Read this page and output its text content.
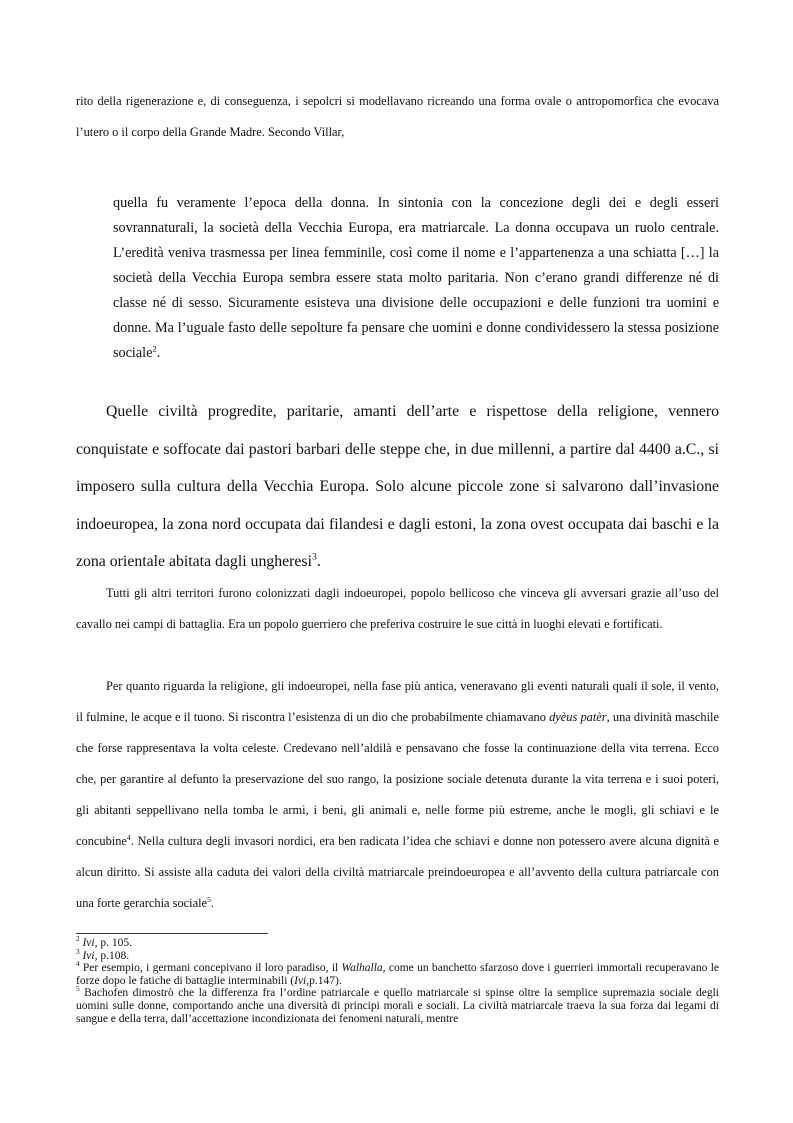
rito della rigenerazione e, di conseguenza, i sepolcri si modellavano ricreando una forma ovale o antropomorfica che evocava l’utero o il corpo della Grande Madre. Secondo Villar,

quella fu veramente l’epoca della donna. In sintonia con la concezione degli dei e degli esseri sovrannaturali, la società della Vecchia Europa, era matriarcale. La donna occupava un ruolo centrale. L’eredità veniva trasmessa per linea femminile, così come il nome e l’appartenenza a una schiatta […] la società della Vecchia Europa sembra essere stata molto paritaria. Non c’erano grandi differenze né di classe né di sesso. Sicuramente esisteva una divisione delle occupazioni e delle funzioni tra uomini e donne. Ma l’uguale fasto delle sepolture fa pensare che uomini e donne condividessero la stessa posizione sociale$^2$.

Quelle civiltà progredite, paritarie, amanti dell’arte e rispettose della religione, vennero conquistate e soffocate dai pastori barbari delle steppe che, in due millenni, a partire dal 4400 a.C., si imposero sulla cultura della Vecchia Europa. Solo alcune piccole zone si salvarono dall’invasione indoeuropea, la zona nord occupata dai filandesi e dagli estoni, la zona ovest occupata dai baschi e la zona orientale abitata dagli ungheresi$^3$.

Tutti gli altri territori furono colonizzati dagli indoeuropei, popolo bellicoso che vinceva gli avversari grazie all’uso del cavallo nei campi di battaglia. Era un popolo guerriero che preferiva costruire le sue città in luoghi elevati e fortificati.

Per quanto riguarda la religione, gli indoeuropei, nella fase più antica, veneravano gli eventi naturali quali il sole, il vento, il fulmine, le acque e il tuono. Si riscontra l’esistenza di un dio che probabilmente chiamavano dyèus patèr, una divinità maschile che forse rappresentava la volta celeste. Credevano nell’aldilà e pensavano che fosse la continuazione della vita terrena. Ecco che, per garantire al defunto la preservazione del suo rango, la posizione sociale detenuta durante la vita terrena e i suoi poteri, gli abitanti seppellivano nella tomba le armi, i beni, gli animali e, nelle forme più estreme, anche le mogli, gli schiavi e le concubine$^4$. Nella cultura degli invasori nordici, era ben radicata l’idea che schiavi e donne non potessero avere alcuna dignità e alcun diritto. Si assiste alla caduta dei valori della civiltà matriarcale preindoeuropea e all’avvento della cultura patriarcale con una forte gerarchia sociale$^5$.

$^2$ Ivi, p. 105.

$^3$ Ivi, p.108.

$^4$ Per esempio, i germani concepivano il loro paradiso, il Walhalla, come un banchetto sfarzoso dove i guerrieri immortali recuperavano le forze dopo le fatiche di battaglie interminabili (Ivi,p.147).

$^5$ Bachofen dimostrò che la differenza fra l’ordine patriarcale e quello matriarcale si spinse oltre la semplice supremazia sociale degli uomini sulle donne, comportando anche una diversità di principi morali e sociali. La civiltà matriarcale traeva la sua forza dai legami di sangue e della terra, dall’accettazione incondizionata dei fenomeni naturali, mentre
